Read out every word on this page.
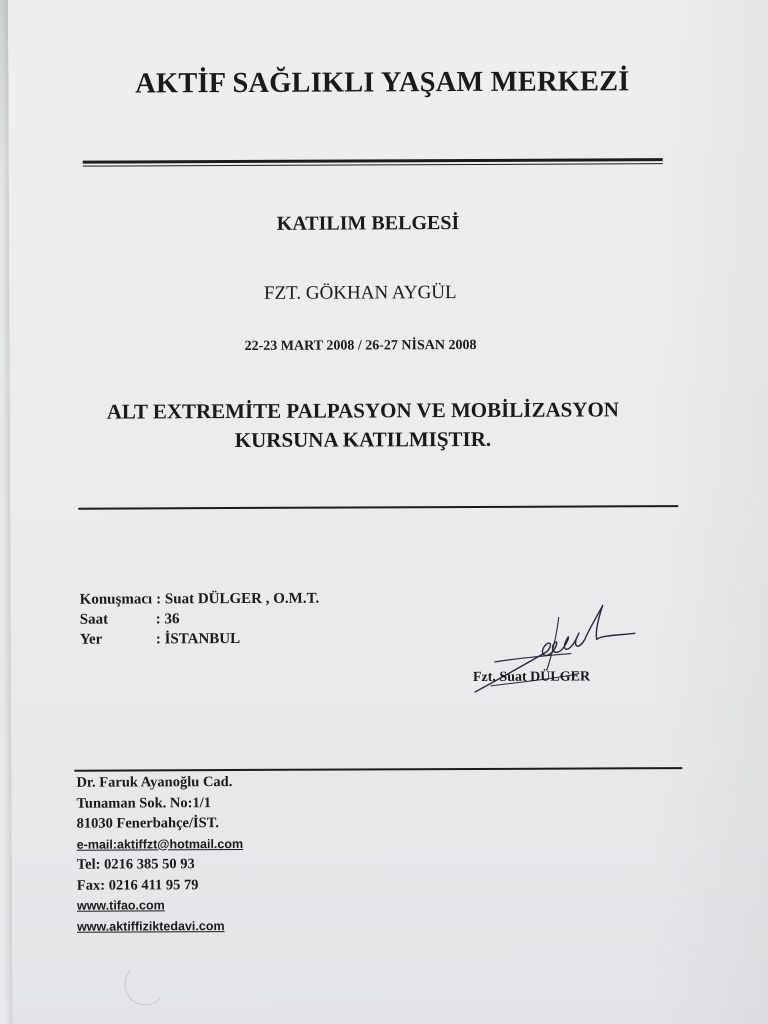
AKTİF SAĞLIKLI YAŞAM MERKEZİ
KATILIM BELGESİ
FZT. GÖKHAN AYGÜL
22-23 MART 2008 / 26-27 NİSAN 2008
ALT EXTREMİTE PALPASYON VE MOBİLİZASYON
KURSUNA KATILMIŞTIR.
Konuşmacı : Suat DÜLGER , O.M.T.
Saat	: 36
Yer	: İSTANBUL
Fzt. Suat DÜLGER
Dr. Faruk Ayanoğlu Cad.
Tunaman Sok. No:1/1
81030 Fenerbahçe/İST.
e-mail:aktiffzt@hotmail.com
Tel: 0216 385 50 93
Fax: 0216 411 95 79
www.tifao.com
www.aktiffiziktedavi.com
